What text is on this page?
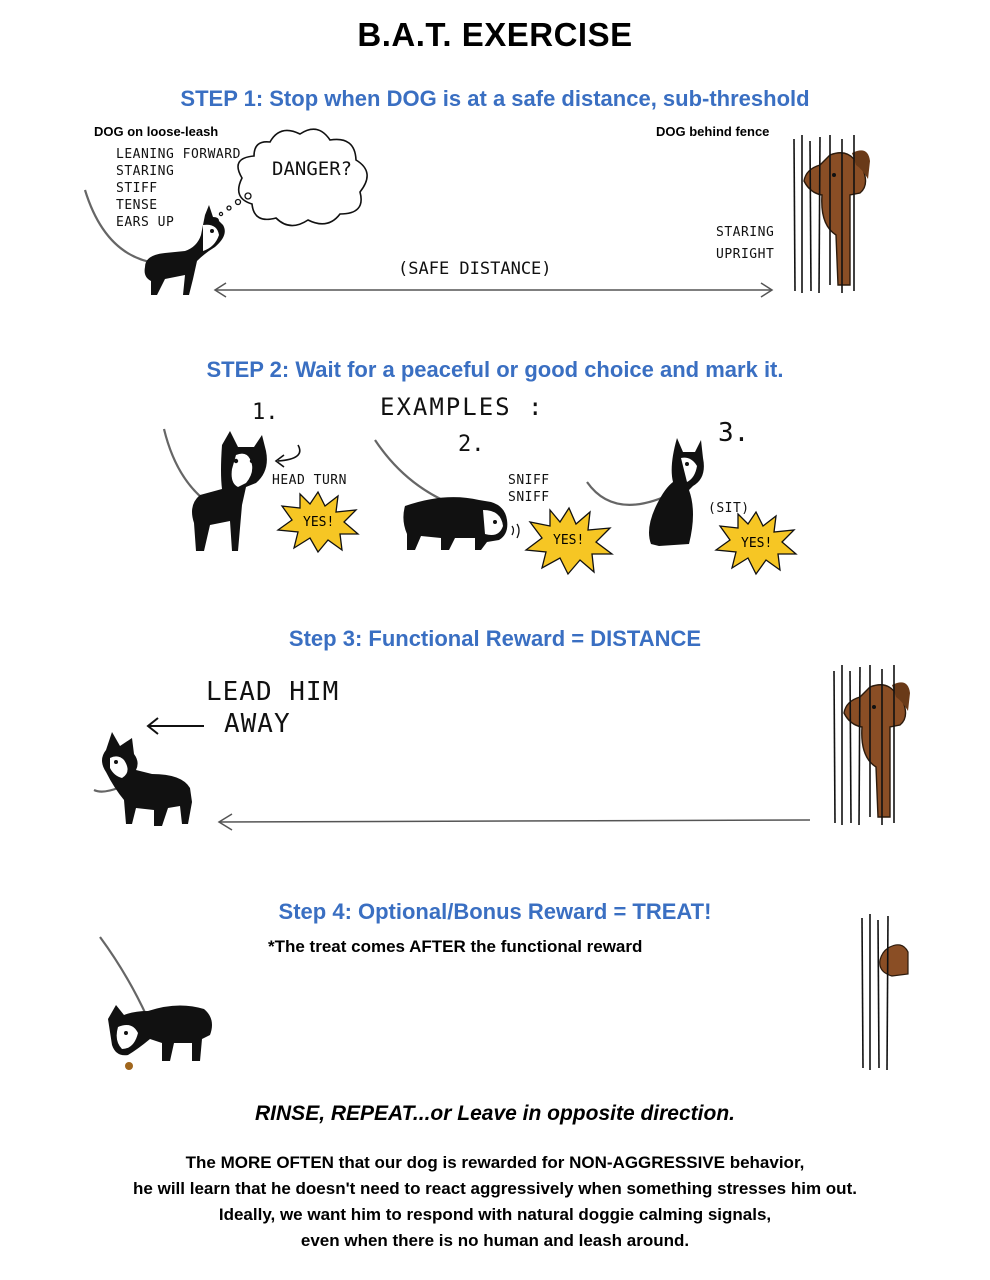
B.A.T. EXERCISE
STEP 1: Stop when DOG is at a safe distance, sub-threshold
DOG on loose-leash	DOG behind fence
LEANING FORWARD
STARING
STIFF
TENSE
EARS UP
DANGER?
(SAFE DISTANCE)
STARING
UPRIGHT
STEP 2: Wait for a peaceful or good choice and mark it.
EXAMPLES :
1.
2.	3.
HEAD TURN
YES!
SNIFF
SNIFF
YES!
(SIT)
YES!
Step 3: Functional Reward = DISTANCE
LEAD HIM
AWAY
Step 4: Optional/Bonus Reward = TREAT!
*The treat comes AFTER the functional reward
RINSE, REPEAT...or Leave in opposite direction.
The MORE OFTEN that our dog is rewarded for NON-AGGRESSIVE behavior,
he will learn that he doesn't need to react aggressively when something stresses him out.
Ideally, we want him to respond with natural doggie calming signals,
even when there is no human and leash around.
